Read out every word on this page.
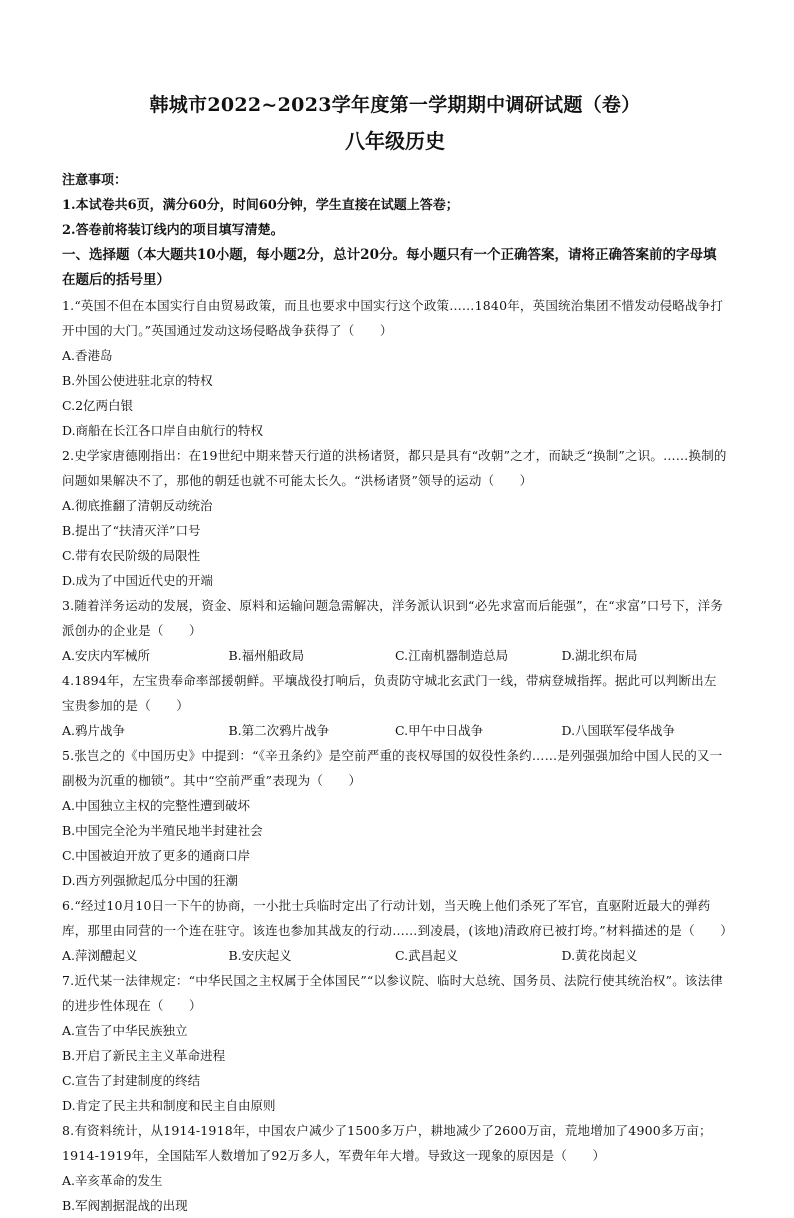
韩城市2022~2023学年度第一学期期中调研试题（卷）
八年级历史
注意事项：
1.本试卷共6页，满分60分，时间60分钟，学生直接在试题上答卷；
2.答卷前将装订线内的项目填写清楚。
一、选择题（本大题共10小题，每小题2分，总计20分。每小题只有一个正确答案，请将正确答案前的字母填在题后的括号里）
1.“英国不但在本国实行自由贸易政策，而且也要求中国实行这个政策……1840年，英国统治集团不惜发动侵略战争打开中国的大门。”英国通过发动这场侵略战争获得了（　　）
A.香港岛
B.外国公使进驻北京的特权
C.2亿两白银
D.商船在长江各口岸自由航行的特权
2.史学家唐德刚指出：在19世纪中期来替天行道的洪杨诸贤，都只是具有“改朝”之才，而缺乏“换制”之识。……换制的问题如果解决不了，那他的朝廷也就不可能太长久。“洪杨诸贤”领导的运动（　　）
A.彻底推翻了清朝反动统治
B.提出了“扶清灭洋”口号
C.带有农民阶级的局限性
D.成为了中国近代史的开端
3.随着洋务运动的发展，资金、原料和运输问题急需解决，洋务派认识到“必先求富而后能强”，在“求富”口号下，洋务派创办的企业是（　　）
A.安庆内军械所	B.福州船政局	C.江南机器制造总局	D.湖北织布局
4.1894年，左宝贵奉命率部援朝鲜。平壤战役打响后，负责防守城北玄武门一线，带病登城指挥。据此可以判断出左宝贵参加的是（　　）
A.鸦片战争	B.第二次鸦片战争	C.甲午中日战争	D.八国联军侵华战争
5.张岂之的《中国历史》中提到：“《辛丑条约》是空前严重的丧权辱国的奴役性条约……是列强强加给中国人民的又一副极为沉重的枷锁”。其中“空前严重”表现为（　　）
A.中国独立主权的完整性遭到破坏
B.中国完全沦为半殖民地半封建社会
C.中国被迫开放了更多的通商口岸
D.西方列强掀起瓜分中国的狂潮
6.“经过10月10日一下午的协商，一小批士兵临时定出了行动计划，当天晚上他们杀死了军官，直驱附近最大的弹药库，那里由同营的一个连在驻守。该连也参加其战友的行动……到凌晨，(该地)清政府已被打垮。”材料描述的是（　　）
A.萍浏醴起义	B.安庆起义	C.武昌起义	D.黄花岗起义
7.近代某一法律规定：“中华民国之主权属于全体国民”“以参议院、临时大总统、国务员、法院行使其统治权”。该法律的进步性体现在（　　）
A.宣告了中华民族独立
B.开启了新民主主义革命进程
C.宣告了封建制度的终结
D.肯定了民主共和制度和民主自由原则
8.有资料统计，从1914-1918年，中国农户减少了1500多万户，耕地减少了2600万亩，荒地增加了4900多万亩；1914-1919年，全国陆军人数增加了92万多人，军费年年大增。导致这一现象的原因是（　　）
A.辛亥革命的发生
B.军阀割据混战的出现
